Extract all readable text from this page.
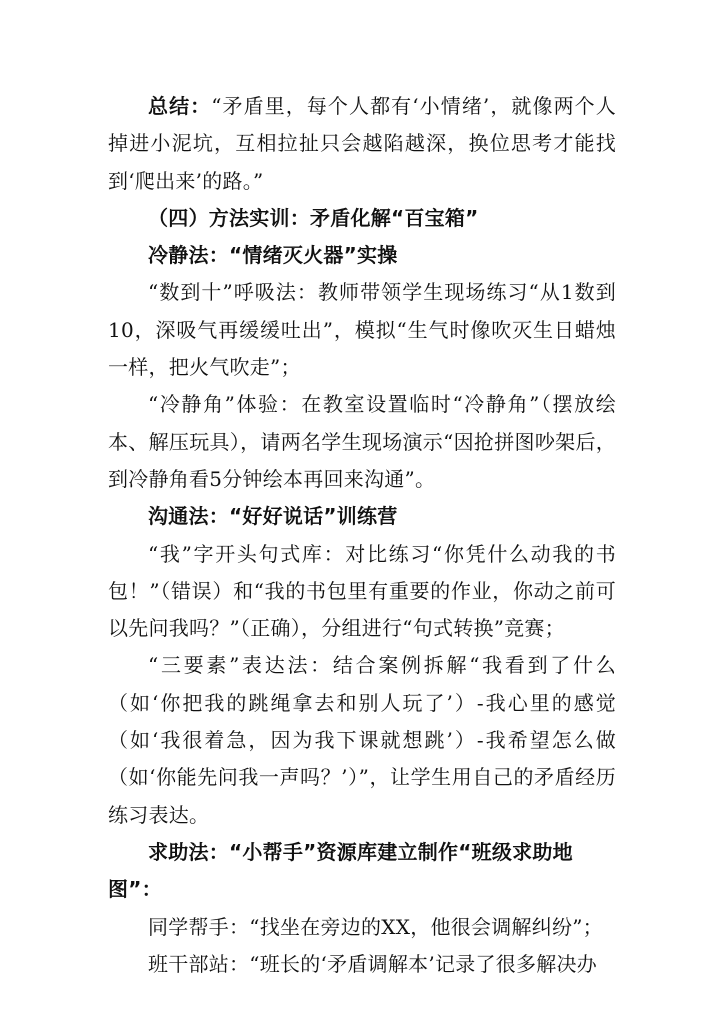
总结：“矛盾里，每个人都有‘小情绪’，就像两个人掉进小泥坑，互相拉扯只会越陷越深，换位思考才能找到‘爬出来’的路。”

（四）方法实训：矛盾化解“百宝箱”

冷静法：“情绪灭火器”实操

“数到十”呼吸法：教师带领学生现场练习“从1数到10，深吸气再缓缓吐出”，模拟“生气时像吹灭生日蜡烛一样，把火气吹走”；

“冷静角”体验：在教室设置临时“冷静角”（摆放绘本、解压玩具），请两名学生现场演示“因抢拼图吵架后，到冷静角看5分钟绘本再回来沟通”。

沟通法：“好好说话”训练营

“我”字开头句式库：对比练习“你凭什么动我的书包！”（错误）和“我的书包里有重要的作业，你动之前可以先问我吗？”（正确），分组进行“句式转换”竞赛；

“三要素”表达法：结合案例拆解“我看到了什么（如‘你把我的跳绳拿去和别人玩了’）-我心里的感觉（如‘我很着急，因为我下课就想跳’）-我希望怎么做（如‘你能先问我一声吗？’）”，让学生用自己的矛盾经历练习表达。

求助法：“小帮手”资源库建立制作“班级求助地图”：

同学帮手：“找坐在旁边的XX，他很会调解纠纷”；

班干部站：“班长的‘矛盾调解本’记录了很多解决办
